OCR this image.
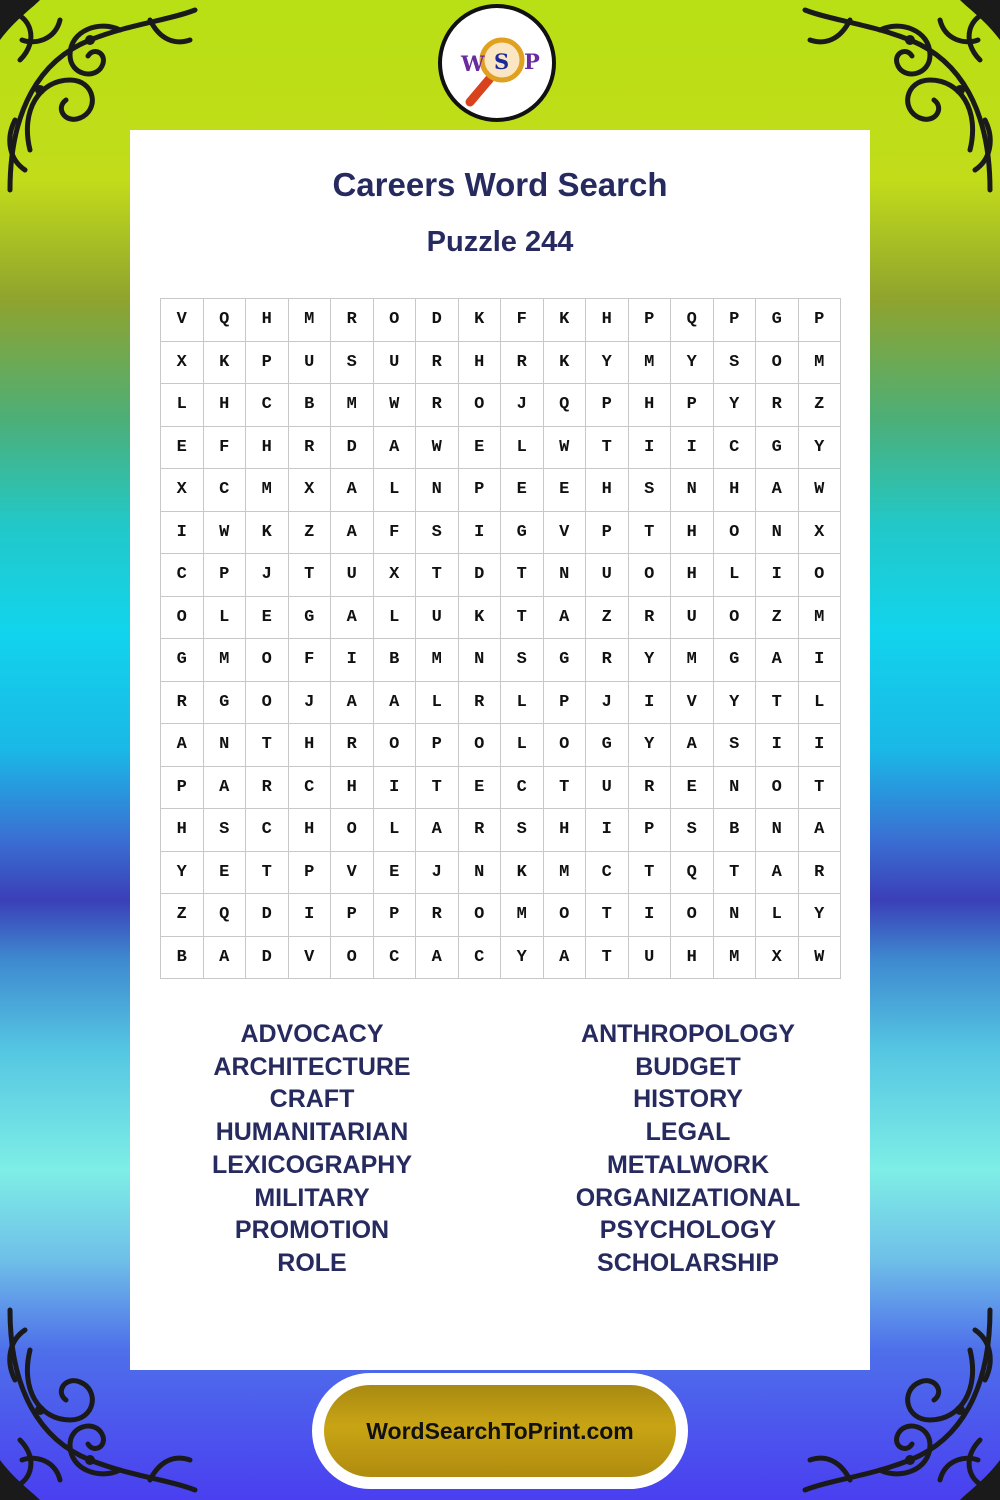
W S P
Careers Word Search
Puzzle 244
V	Q	H	M	R	O	D	K	F	K	H	P	Q	P	G	P
X	K	P	U	S	U	R	H	R	K	Y	M	Y	S	O	M
L	H	C	B	M	W	R	O	J	Q	P	H	P	Y	R	Z
E	F	H	R	D	A	W	E	L	W	T	I	I	C	G	Y
X	C	M	X	A	L	N	P	E	E	H	S	N	H	A	W
I	W	K	Z	A	F	S	I	G	V	P	T	H	O	N	X
C	P	J	T	U	X	T	D	T	N	U	O	H	L	I	O
O	L	E	G	A	L	U	K	T	A	Z	R	U	O	Z	M
G	M	O	F	I	B	M	N	S	G	R	Y	M	G	A	I
R	G	O	J	A	A	L	R	L	P	J	I	V	Y	T	L
A	N	T	H	R	O	P	O	L	O	G	Y	A	S	I	I
P	A	R	C	H	I	T	E	C	T	U	R	E	N	O	T
H	S	C	H	O	L	A	R	S	H	I	P	S	B	N	A
Y	E	T	P	V	E	J	N	K	M	C	T	Q	T	A	R
Z	Q	D	I	P	P	R	O	M	O	T	I	O	N	L	Y
B	A	D	V	O	C	A	C	Y	A	T	U	H	M	X	W
ADVOCACY
ARCHITECTURE
CRAFT
HUMANITARIAN
LEXICOGRAPHY
MILITARY
PROMOTION
ROLE
ANTHROPOLOGY
BUDGET
HISTORY
LEGAL
METALWORK
ORGANIZATIONAL
PSYCHOLOGY
SCHOLARSHIP
WordSearchToPrint.com
